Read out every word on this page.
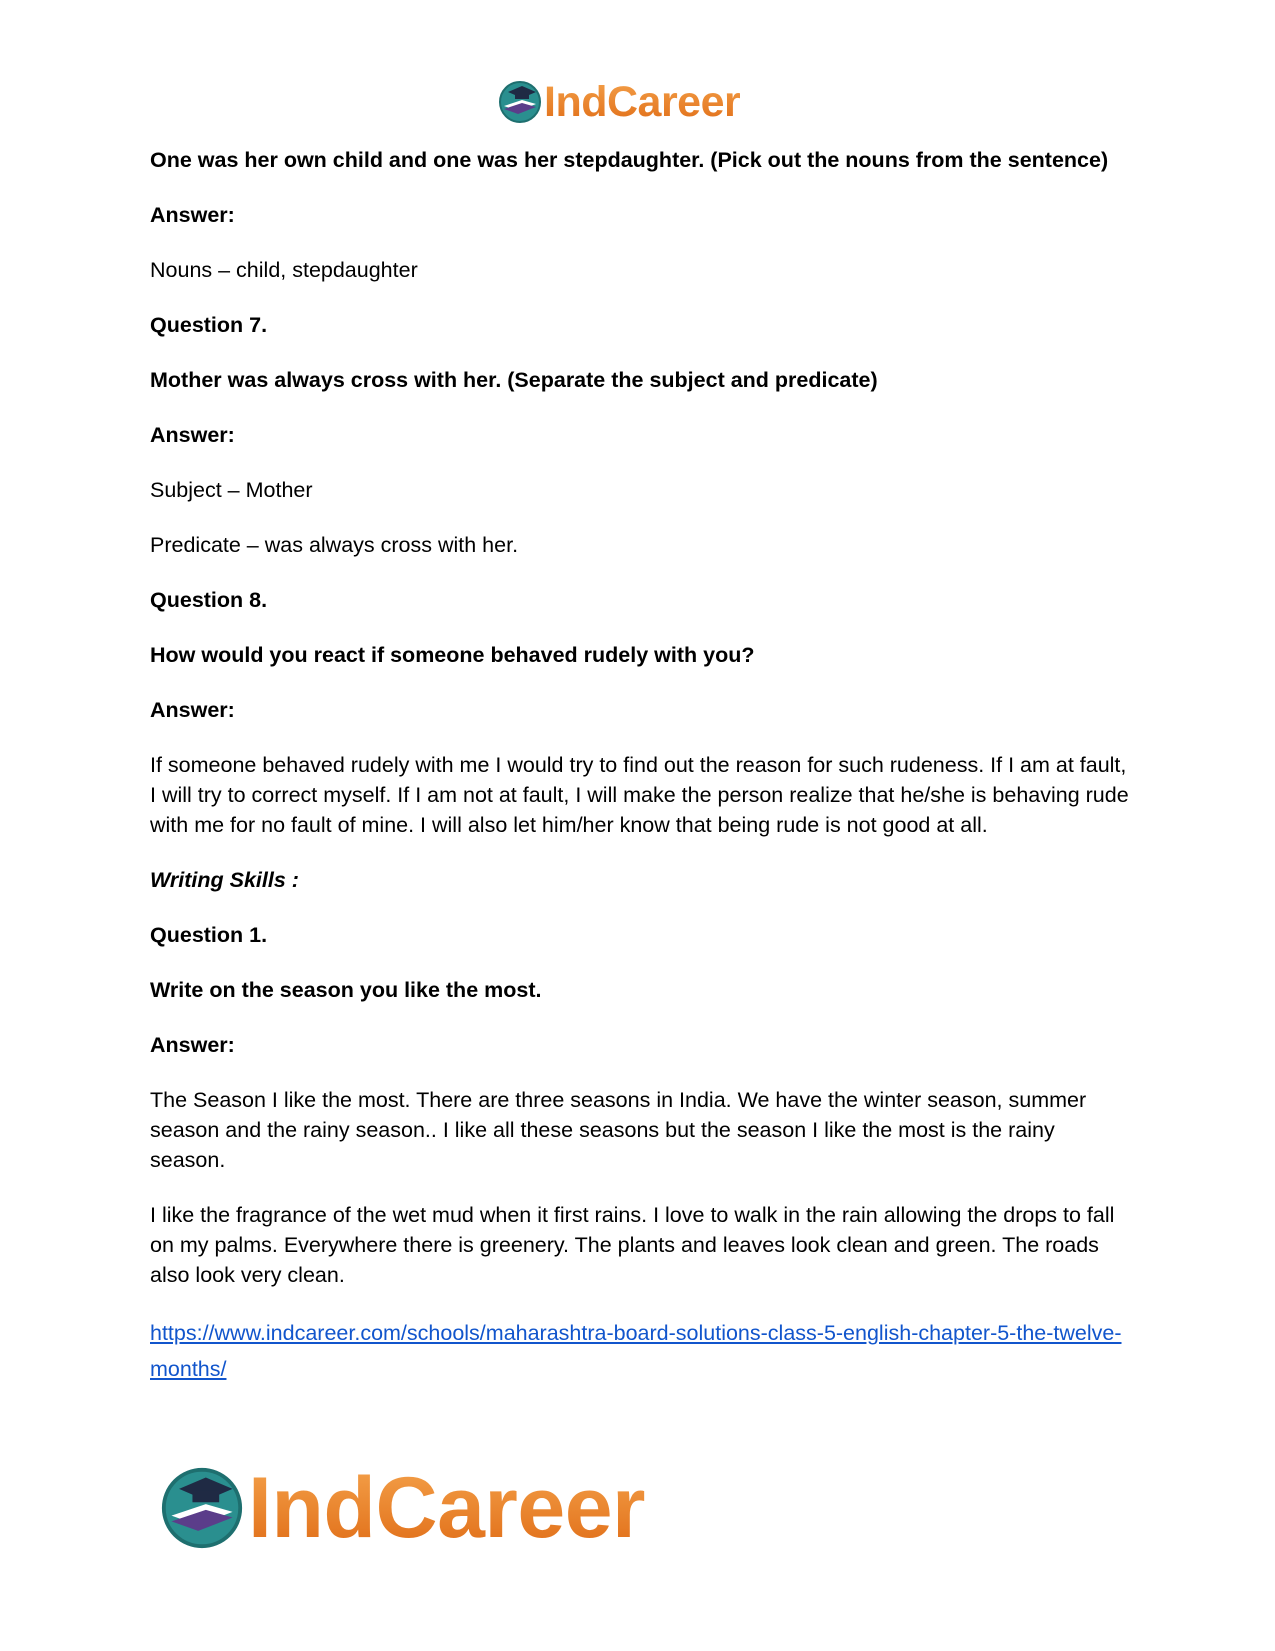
IndCareer

One was her own child and one was her stepdaughter. (Pick out the nouns from the sentence)

Answer:

Nouns – child, stepdaughter

Question 7.

Mother was always cross with her. (Separate the subject and predicate)

Answer:

Subject – Mother

Predicate – was always cross with her.

Question 8.

How would you react if someone behaved rudely with you?

Answer:

If someone behaved rudely with me I would try to find out the reason for such rudeness. If I am at fault, I will try to correct myself. If I am not at fault, I will make the person realize that he/she is behaving rude with me for no fault of mine. I will also let him/her know that being rude is not good at all.

Writing Skills :

Question 1.

Write on the season you like the most.

Answer:

The Season I like the most. There are three seasons in India. We have the winter season, summer season and the rainy season.. I like all these seasons but the season I like the most is the rainy season.

I like the fragrance of the wet mud when it first rains. I love to walk in the rain allowing the drops to fall on my palms. Everywhere there is greenery. The plants and leaves look clean and green. The roads also look very clean.

https://www.indcareer.com/schools/maharashtra-board-solutions-class-5-english-chapter-5-the-twelve-months/
IndCareer
